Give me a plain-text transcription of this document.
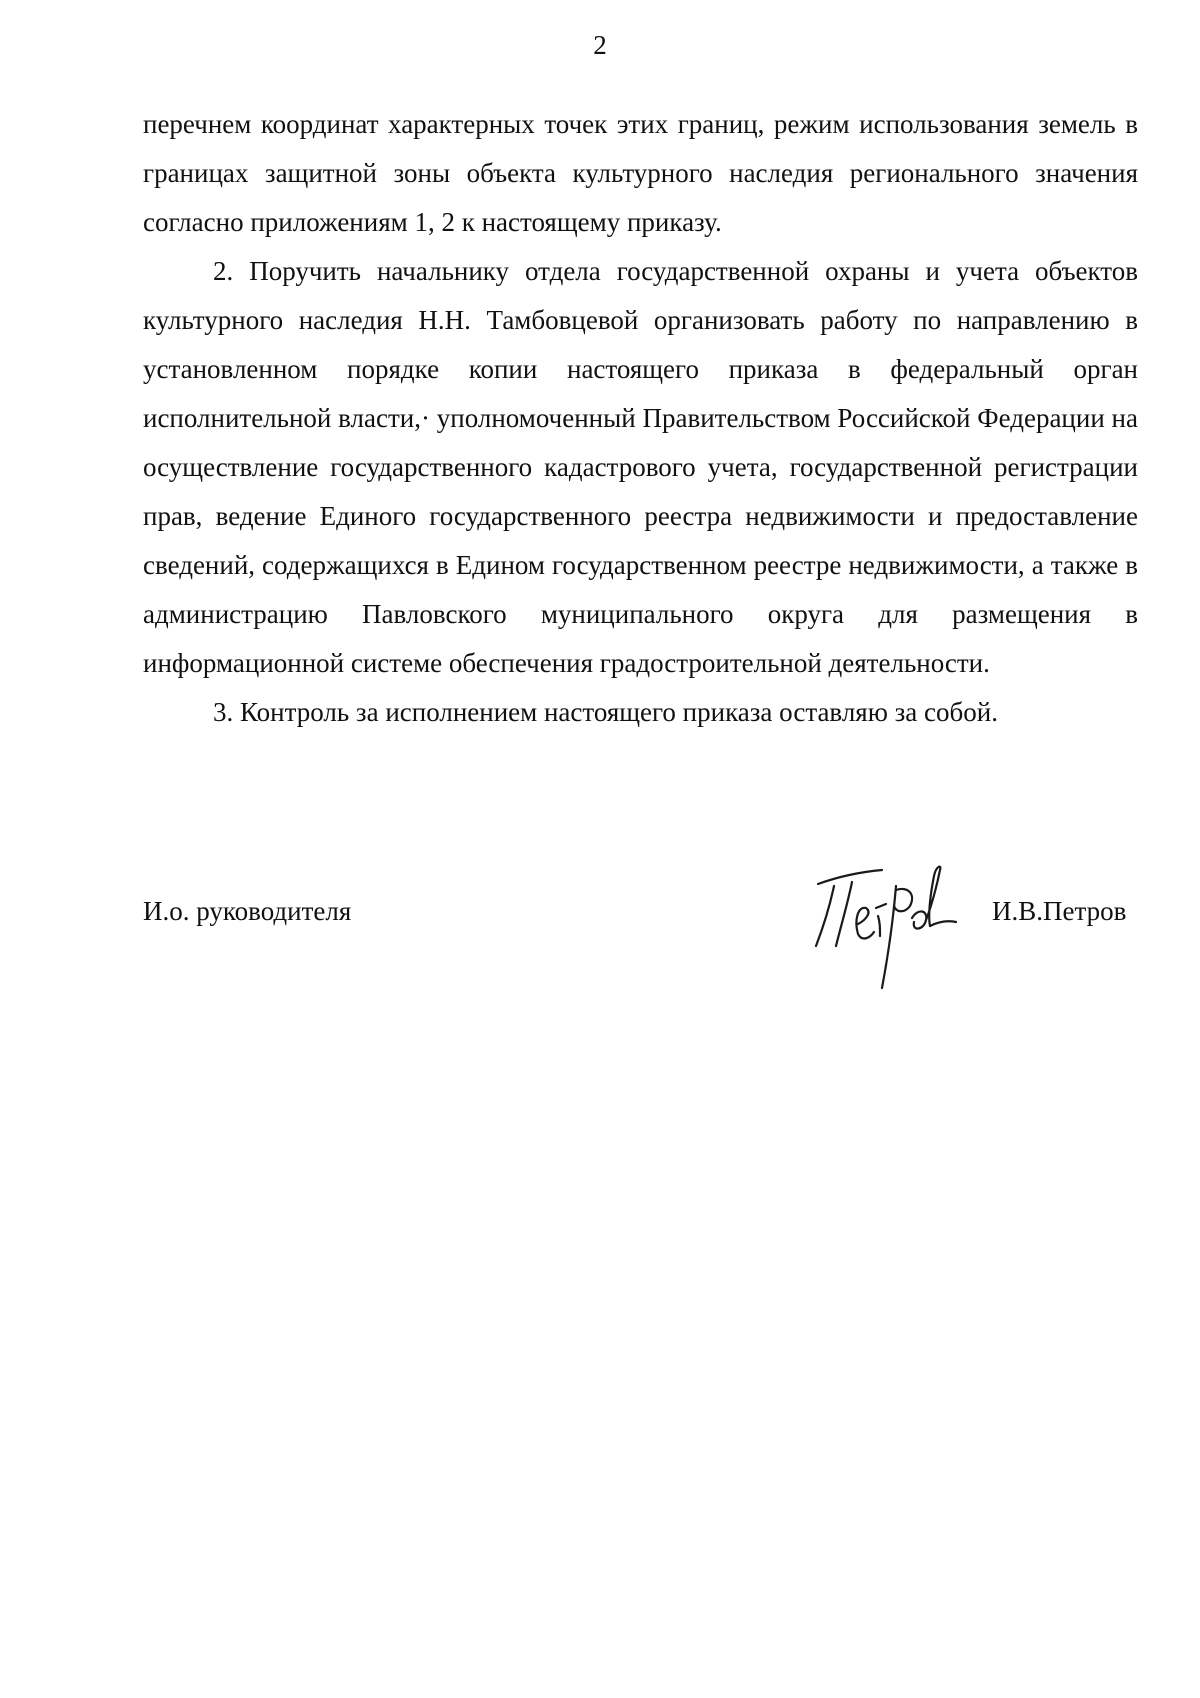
2

перечнем координат характерных точек этих границ, режим использования земель в границах защитной зоны объекта культурного наследия регионального значения согласно приложениям 1, 2 к настоящему приказу.

2. Поручить начальнику отдела государственной охраны и учета объектов культурного наследия Н.Н. Тамбовцевой организовать работу по направлению в установленном порядке копии настоящего приказа в федеральный орган исполнительной власти,· уполномоченный Правительством Российской Федерации на осуществление государственного кадастрового учета, государственной регистрации прав, ведение Единого государственного реестра недвижимости и предоставление сведений, содержащихся в Едином государственном реестре недвижимости, а также в администрацию Павловского муниципального округа для размещения в информационной системе обеспечения градостроительной деятельности.

3. Контроль за исполнением настоящего приказа оставляю за собой.

И.о. руководителя	И.В.Петров
